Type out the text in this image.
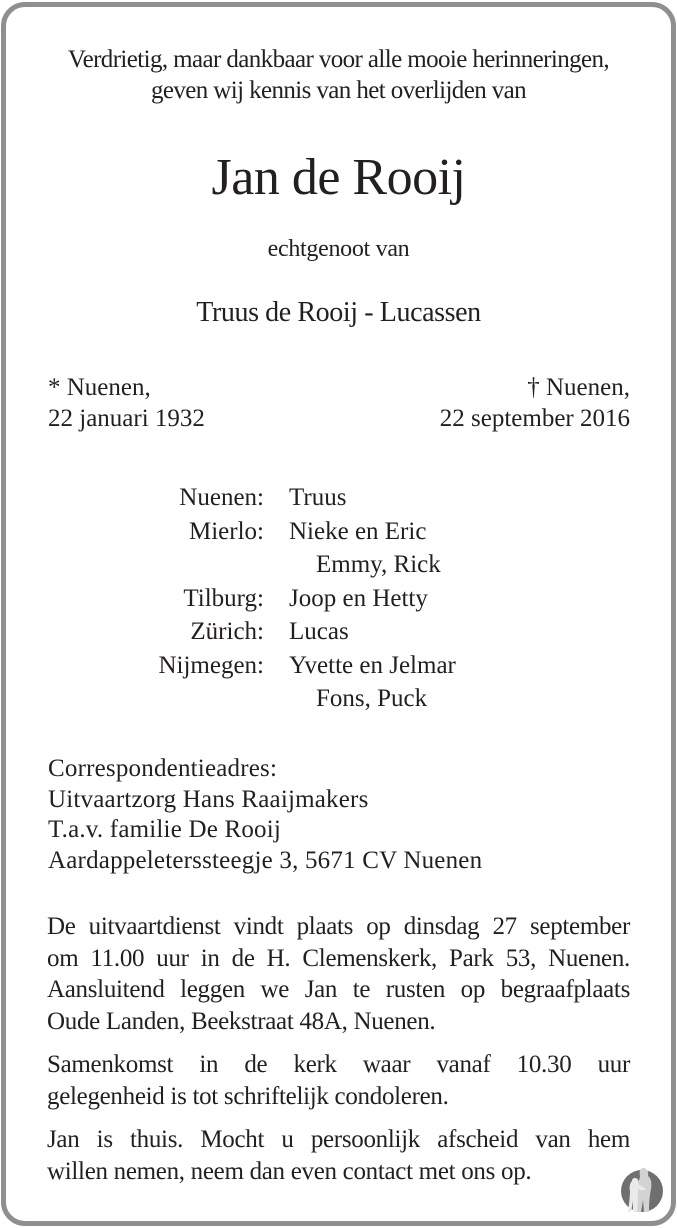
Verdrietig, maar dankbaar voor alle mooie herinneringen,
geven wij kennis van het overlijden van
Jan de Rooij
echtgenoot van
Truus de Rooij - Lucassen
* Nuenen,
22 januari 1932
† Nuenen,
22 september 2016
Nuenen:	Truus
Mierlo:	Nieke en Eric
Emmy, Rick
Tilburg:	Joop en Hetty
Zürich:	Lucas
Nijmegen:	Yvette en Jelmar
Fons, Puck
Correspondentieadres:
Uitvaartzorg Hans Raaijmakers
T.a.v. familie De Rooij
Aardappeleterssteegje 3, 5671 CV Nuenen
De uitvaartdienst vindt plaats op dinsdag 27 september
om 11.00 uur in de H. Clemenskerk, Park 53, Nuenen.
Aansluitend leggen we Jan te rusten op begraafplaats
Oude Landen, Beekstraat 48A, Nuenen.
Samenkomst in de kerk waar vanaf 10.30 uur
gelegenheid is tot schriftelijk condoleren.
Jan is thuis. Mocht u persoonlijk afscheid van hem
willen nemen, neem dan even contact met ons op.
